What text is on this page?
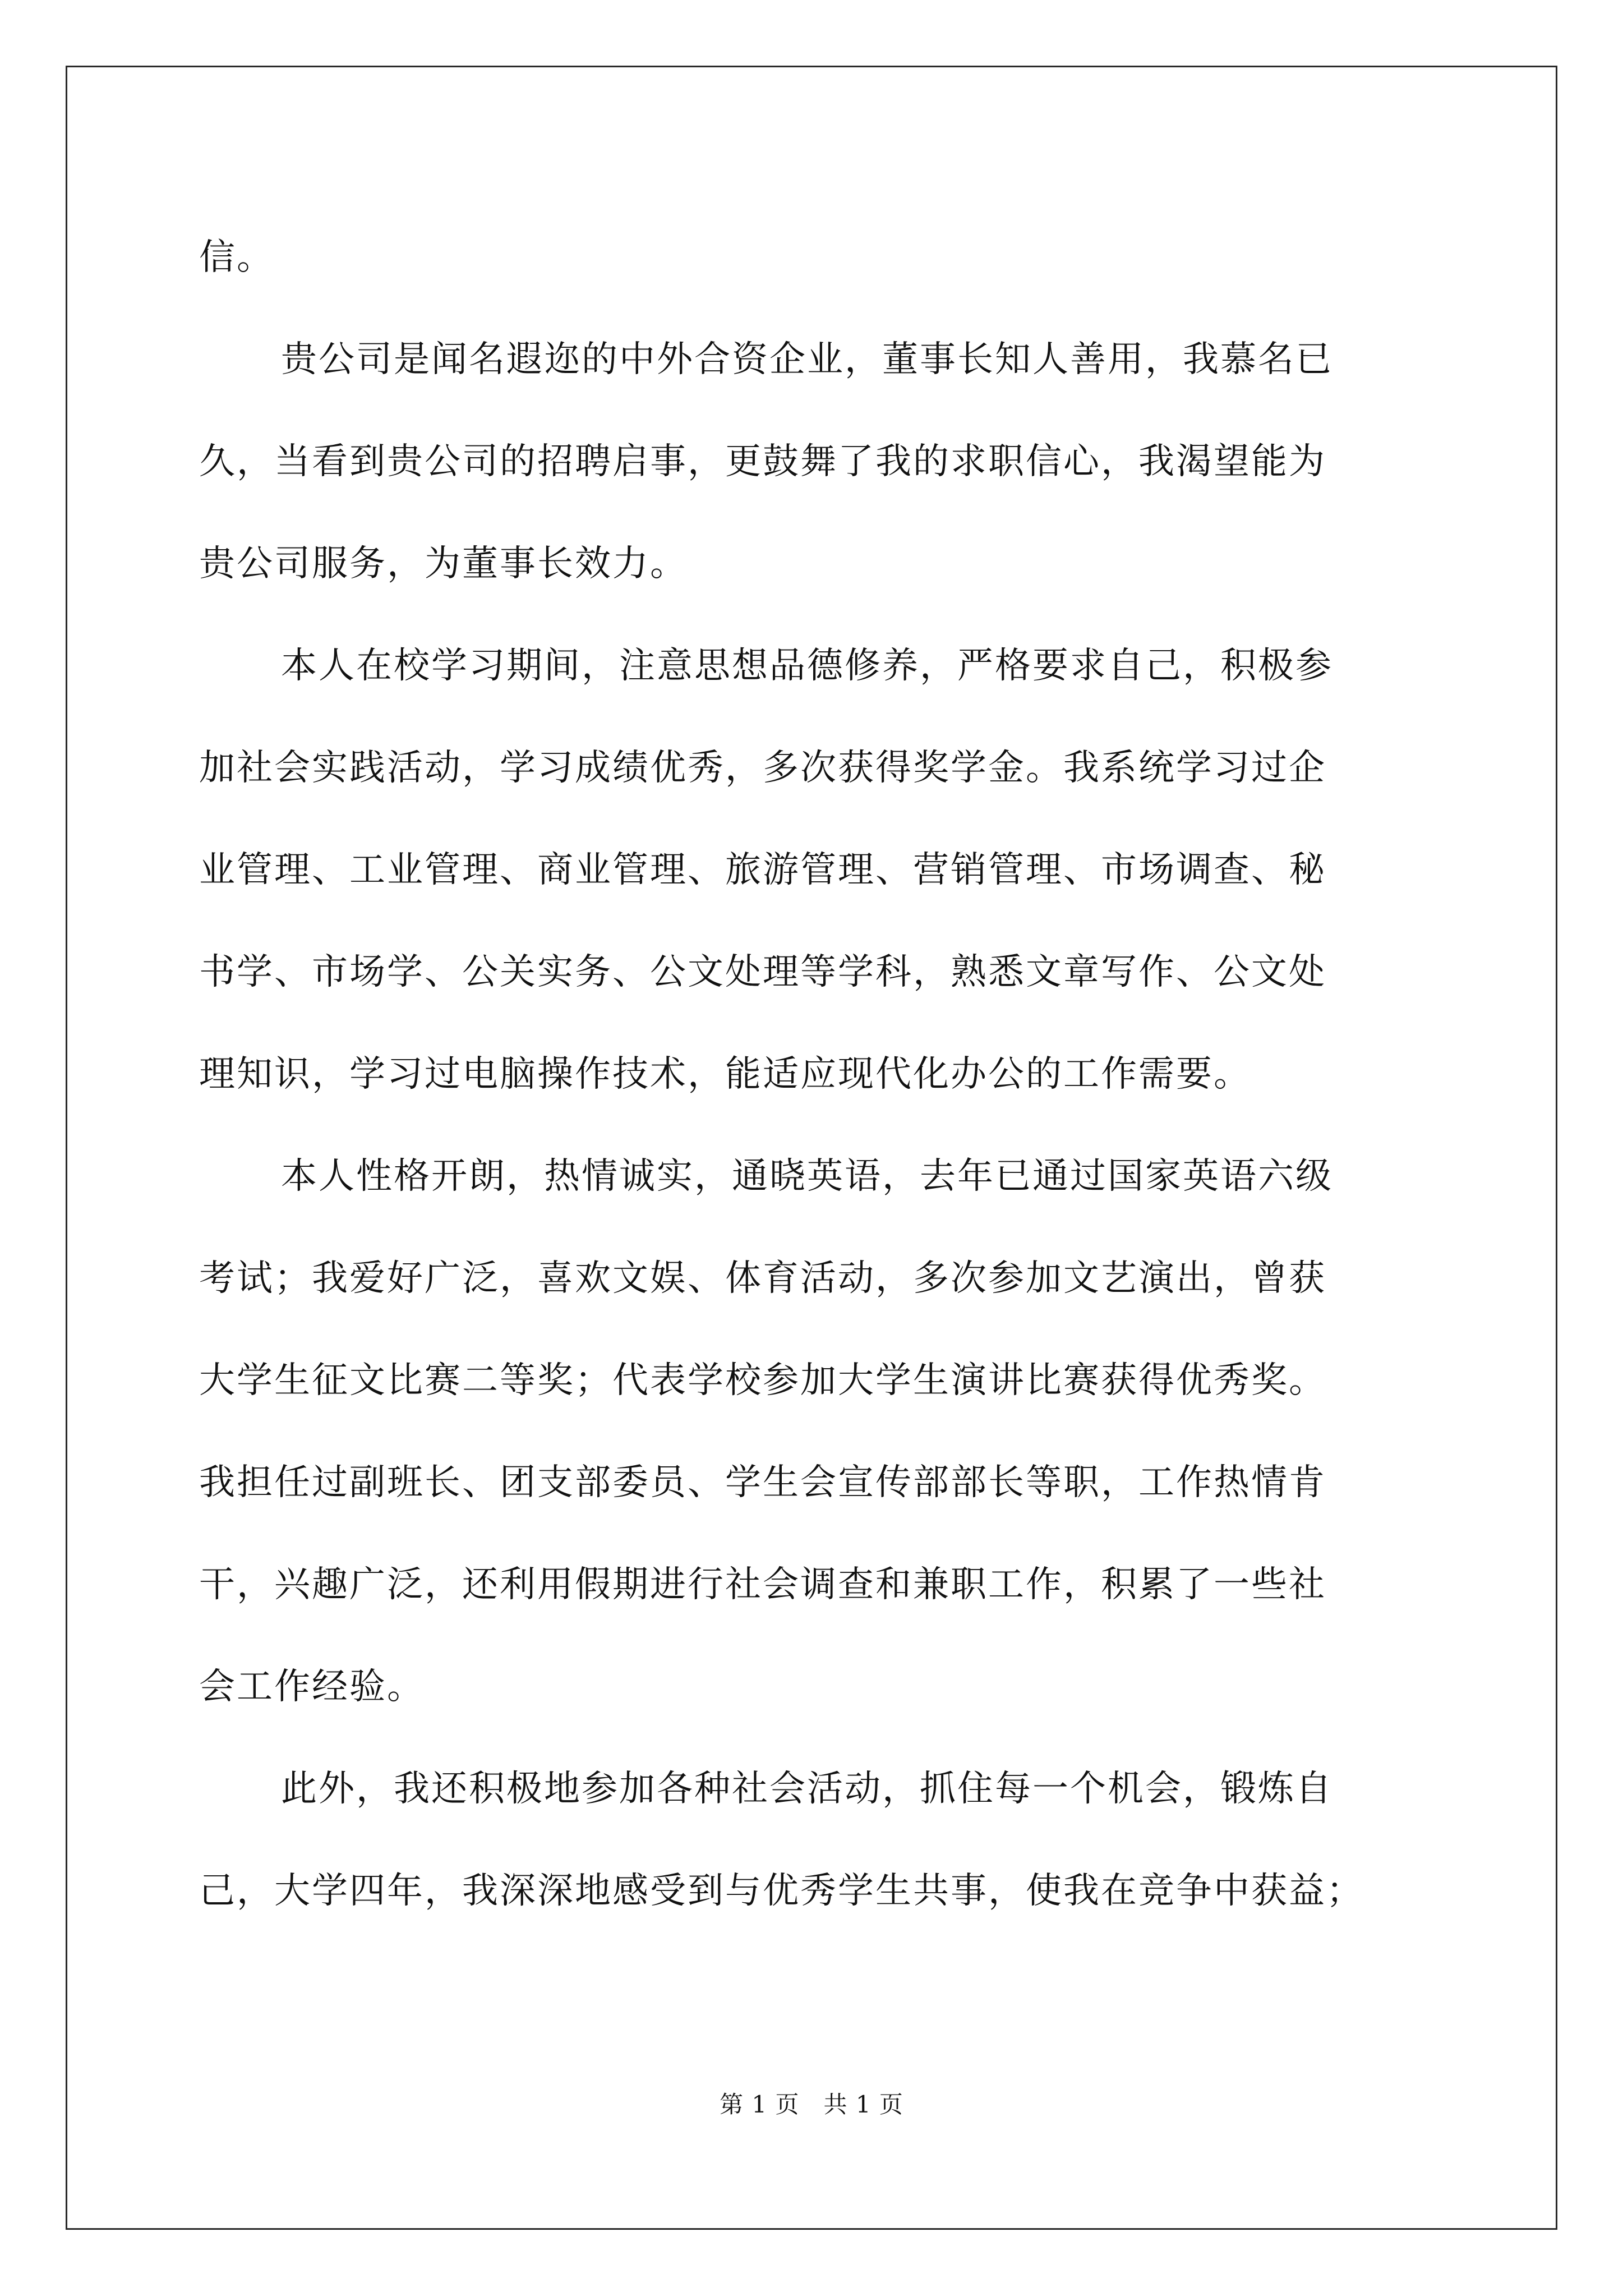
信。
贵公司是闻名遐迩的中外合资企业，董事长知人善用，我慕名已
久，当看到贵公司的招聘启事，更鼓舞了我的求职信心，我渴望能为
贵公司服务，为董事长效力。
本人在校学习期间，注意思想品德修养，严格要求自己，积极参
加社会实践活动，学习成绩优秀，多次获得奖学金。我系统学习过企
业管理、工业管理、商业管理、旅游管理、营销管理、市场调查、秘
书学、市场学、公关实务、公文处理等学科，熟悉文章写作、公文处
理知识，学习过电脑操作技术，能适应现代化办公的工作需要。
本人性格开朗，热情诚实，通晓英语，去年已通过国家英语六级
考试；我爱好广泛，喜欢文娱、体育活动，多次参加文艺演出，曾获
大学生征文比赛二等奖；代表学校参加大学生演讲比赛获得优秀奖。
我担任过副班长、团支部委员、学生会宣传部部长等职，工作热情肯
干，兴趣广泛，还利用假期进行社会调查和兼职工作，积累了一些社
会工作经验。
此外，我还积极地参加各种社会活动，抓住每一个机会，锻炼自
己，大学四年，我深深地感受到与优秀学生共事，使我在竞争中获益；
第 1 页　共 1 页
